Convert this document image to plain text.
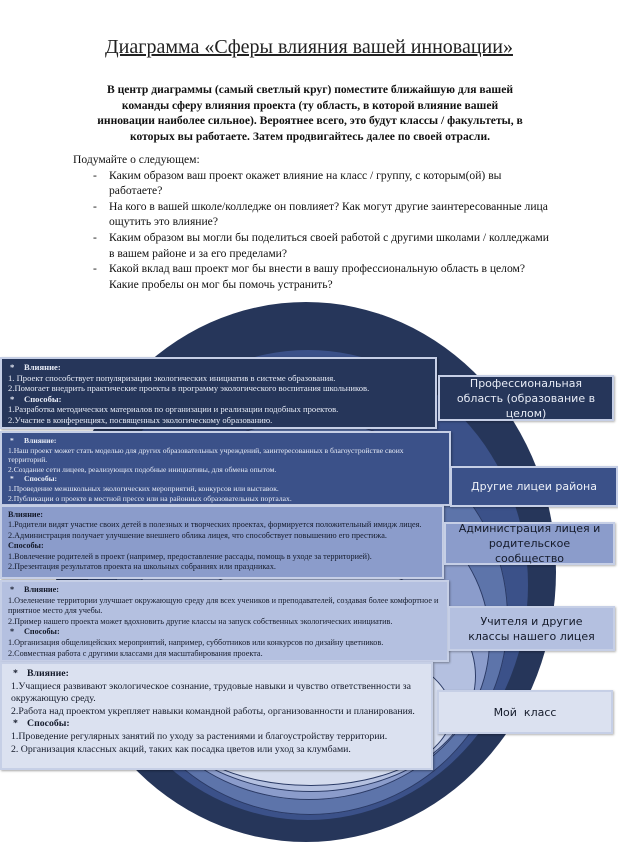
Диаграмма «Сферы влияния вашей инновации»
В центр диаграммы (самый светлый круг) поместите ближайшую для вашей команды сферу влияния проекта (ту область, в которой влияние вашей инновации наиболее сильное). Вероятнее всего, это будут классы / факультеты, в которых вы работаете. Затем продвигайтесь далее по своей отрасли.
Подумайте о следующем:
- Каким образом ваш проект окажет влияние на класс / группу, с которым(ой) вы работаете?
- На кого в вашей школе/колледже он повлияет? Как могут другие заинтересованные лица ощутить это влияние?
- Каким образом вы могли бы поделиться своей работой с другими школами / колледжами в вашем районе и за его пределами?
- Какой вклад ваш проект мог бы внести в вашу профессиональную область в целом? Какие пробелы он мог бы помочь устранить?
* Влияние:
1. Проект способствует популяризации экологических инициатив в системе образования.
2.Помогает внедрить практические проекты в программу экологического воспитания школьников.
* Способы:
1.Разработка методических материалов по организации и реализации подобных проектов.
2.Участие в конференциях, посвященных экологическому образованию.
* Влияние:
1.Наш проект может стать моделью для других образовательных учреждений, заинтересованных в благоустройстве своих территорий.
2.Создание сети лицеев, реализующих подобные инициативы, для обмена опытом.
* Способы:
1.Проведение межшкольных экологических мероприятий, конкурсов или выставок.
2.Публикации о проекте в местной прессе или на районных образовательных порталах.
Влияние:
1.Родители видят участие своих детей в полезных и творческих проектах, формируется положительный имидж лицея.
2.Администрация получает улучшение внешнего облика лицея, что способствует повышению его престижа.
Способы:
1.Вовлечение родителей в проект (например, предоставление рассады, помощь в уходе за территорией).
2.Презентация результатов проекта на школьных собраниях или праздниках.
* Влияние:
1.Озеленение территории улучшает окружающую среду для всех учеников и преподавателей, создавая более комфортное и приятное место для учебы.
2.Пример нашего проекта может вдохновить другие классы на запуск собственных экологических инициатив.
* Способы:
1.Организация общелицейских мероприятий, например, субботников или конкурсов по дизайну цветников.
2.Совместная работа с другими классами для масштабирования проекта.
* Влияние:
1.Учащиеся развивают экологическое сознание, трудовые навыки и чувство ответственности за окружающую среду.
2.Работа над проектом укрепляет навыки командной работы, организованности и планирования.
* Способы:
1.Проведение регулярных занятий по уходу за растениями и благоустройству территории.
2. Организация классных акций, таких как посадка цветов или уход за клумбами.
Профессиональная область (образование в целом)
Другие лицеи района
Администрация лицея и родительское сообщество
Учителя и другие классы нашего лицея
Мой  класс
